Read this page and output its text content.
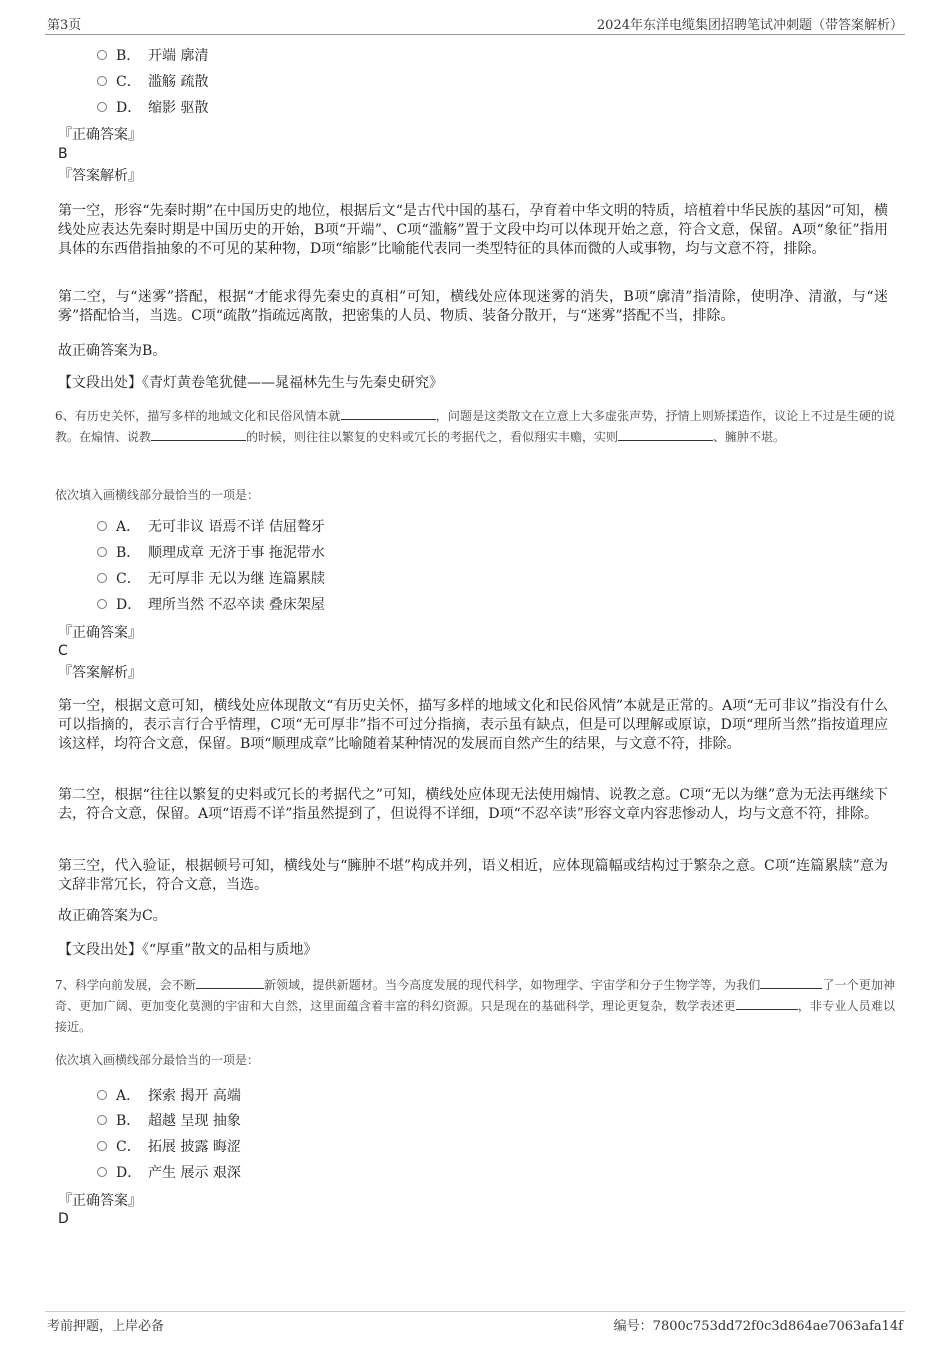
第3页	2024年东洋电缆集团招聘笔试冲刺题（带答案解析）
B． 开端 廓清
C． 滥觞 疏散
D． 缩影 驱散
『正确答案』
B
『答案解析』
第一空，形容“先秦时期”在中国历史的地位，根据后文“是古代中国的基石，孕育着中华文明的特质，培植着中华民族的基因”可知，横线处应表达先秦时期是中国历史的开始，B项“开端”、C项“滥觞”置于文段中均可以体现开始之意，符合文意，保留。A项“象征”指用具体的东西借指抽象的不可见的某种物，D项“缩影”比喻能代表同一类型特征的具体而微的人或事物，均与文意不符，排除。
第二空，与“迷雾”搭配，根据“才能求得先秦史的真相”可知，横线处应体现迷雾的消失，B项“廓清”指清除，使明净、清澈，与“迷雾”搭配恰当，当选。C项“疏散”指疏远离散，把密集的人员、物质、装备分散开，与“迷雾”搭配不当，排除。
故正确答案为B。
【文段出处】《青灯黄卷笔犹健——晁福林先生与先秦史研究》
6、有历史关怀，描写多样的地域文化和民俗风情本就	，问题是这类散文在立意上大多虚张声势，抒情上则矫揉造作，议论上不过是生硬的说教。在煽情、说教	的时候，则往往以繁复的史料或冗长的考据代之，看似翔实丰赡，实则	、臃肿不堪。
依次填入画横线部分最恰当的一项是：
A． 无可非议 语焉不详 佶屈聱牙
B． 顺理成章 无济于事 拖泥带水
C． 无可厚非 无以为继 连篇累牍
D． 理所当然 不忍卒读 叠床架屋
『正确答案』
C
『答案解析』
第一空，根据文意可知，横线处应体现散文“有历史关怀，描写多样的地域文化和民俗风情”本就是正常的。A项“无可非议”指没有什么可以指摘的，表示言行合乎情理，C项“无可厚非”指不可过分指摘，表示虽有缺点，但是可以理解或原谅，D项“理所当然”指按道理应该这样，均符合文意，保留。B项“顺理成章”比喻随着某种情况的发展而自然产生的结果，与文意不符，排除。
第二空，根据“往往以繁复的史料或冗长的考据代之”可知，横线处应体现无法使用煽情、说教之意。C项“无以为继”意为无法再继续下去，符合文意，保留。A项“语焉不详”指虽然提到了，但说得不详细，D项“不忍卒读”形容文章内容悲惨动人，均与文意不符，排除。
第三空，代入验证，根据顿号可知，横线处与“臃肿不堪”构成并列，语义相近，应体现篇幅或结构过于繁杂之意。C项“连篇累牍”意为文辞非常冗长，符合文意，当选。
故正确答案为C。
【文段出处】《“厚重”散文的品相与质地》
7、科学向前发展，会不断	新领域，提供新题材。当今高度发展的现代科学，如物理学、宇宙学和分子生物学等，为我们	了一个更加神奇、更加广阔、更加变化莫测的宇宙和大自然，这里面蕴含着丰富的科幻资源。只是现在的基础科学，理论更复杂，数学表述更	，非专业人员难以接近。
依次填入画横线部分最恰当的一项是：
A． 探索 揭开 高端
B． 超越 呈现 抽象
C． 拓展 披露 晦涩
D． 产生 展示 艰深
『正确答案』
D
考前押题，上岸必备	编号：7800c753dd72f0c3d864ae7063afa14f
